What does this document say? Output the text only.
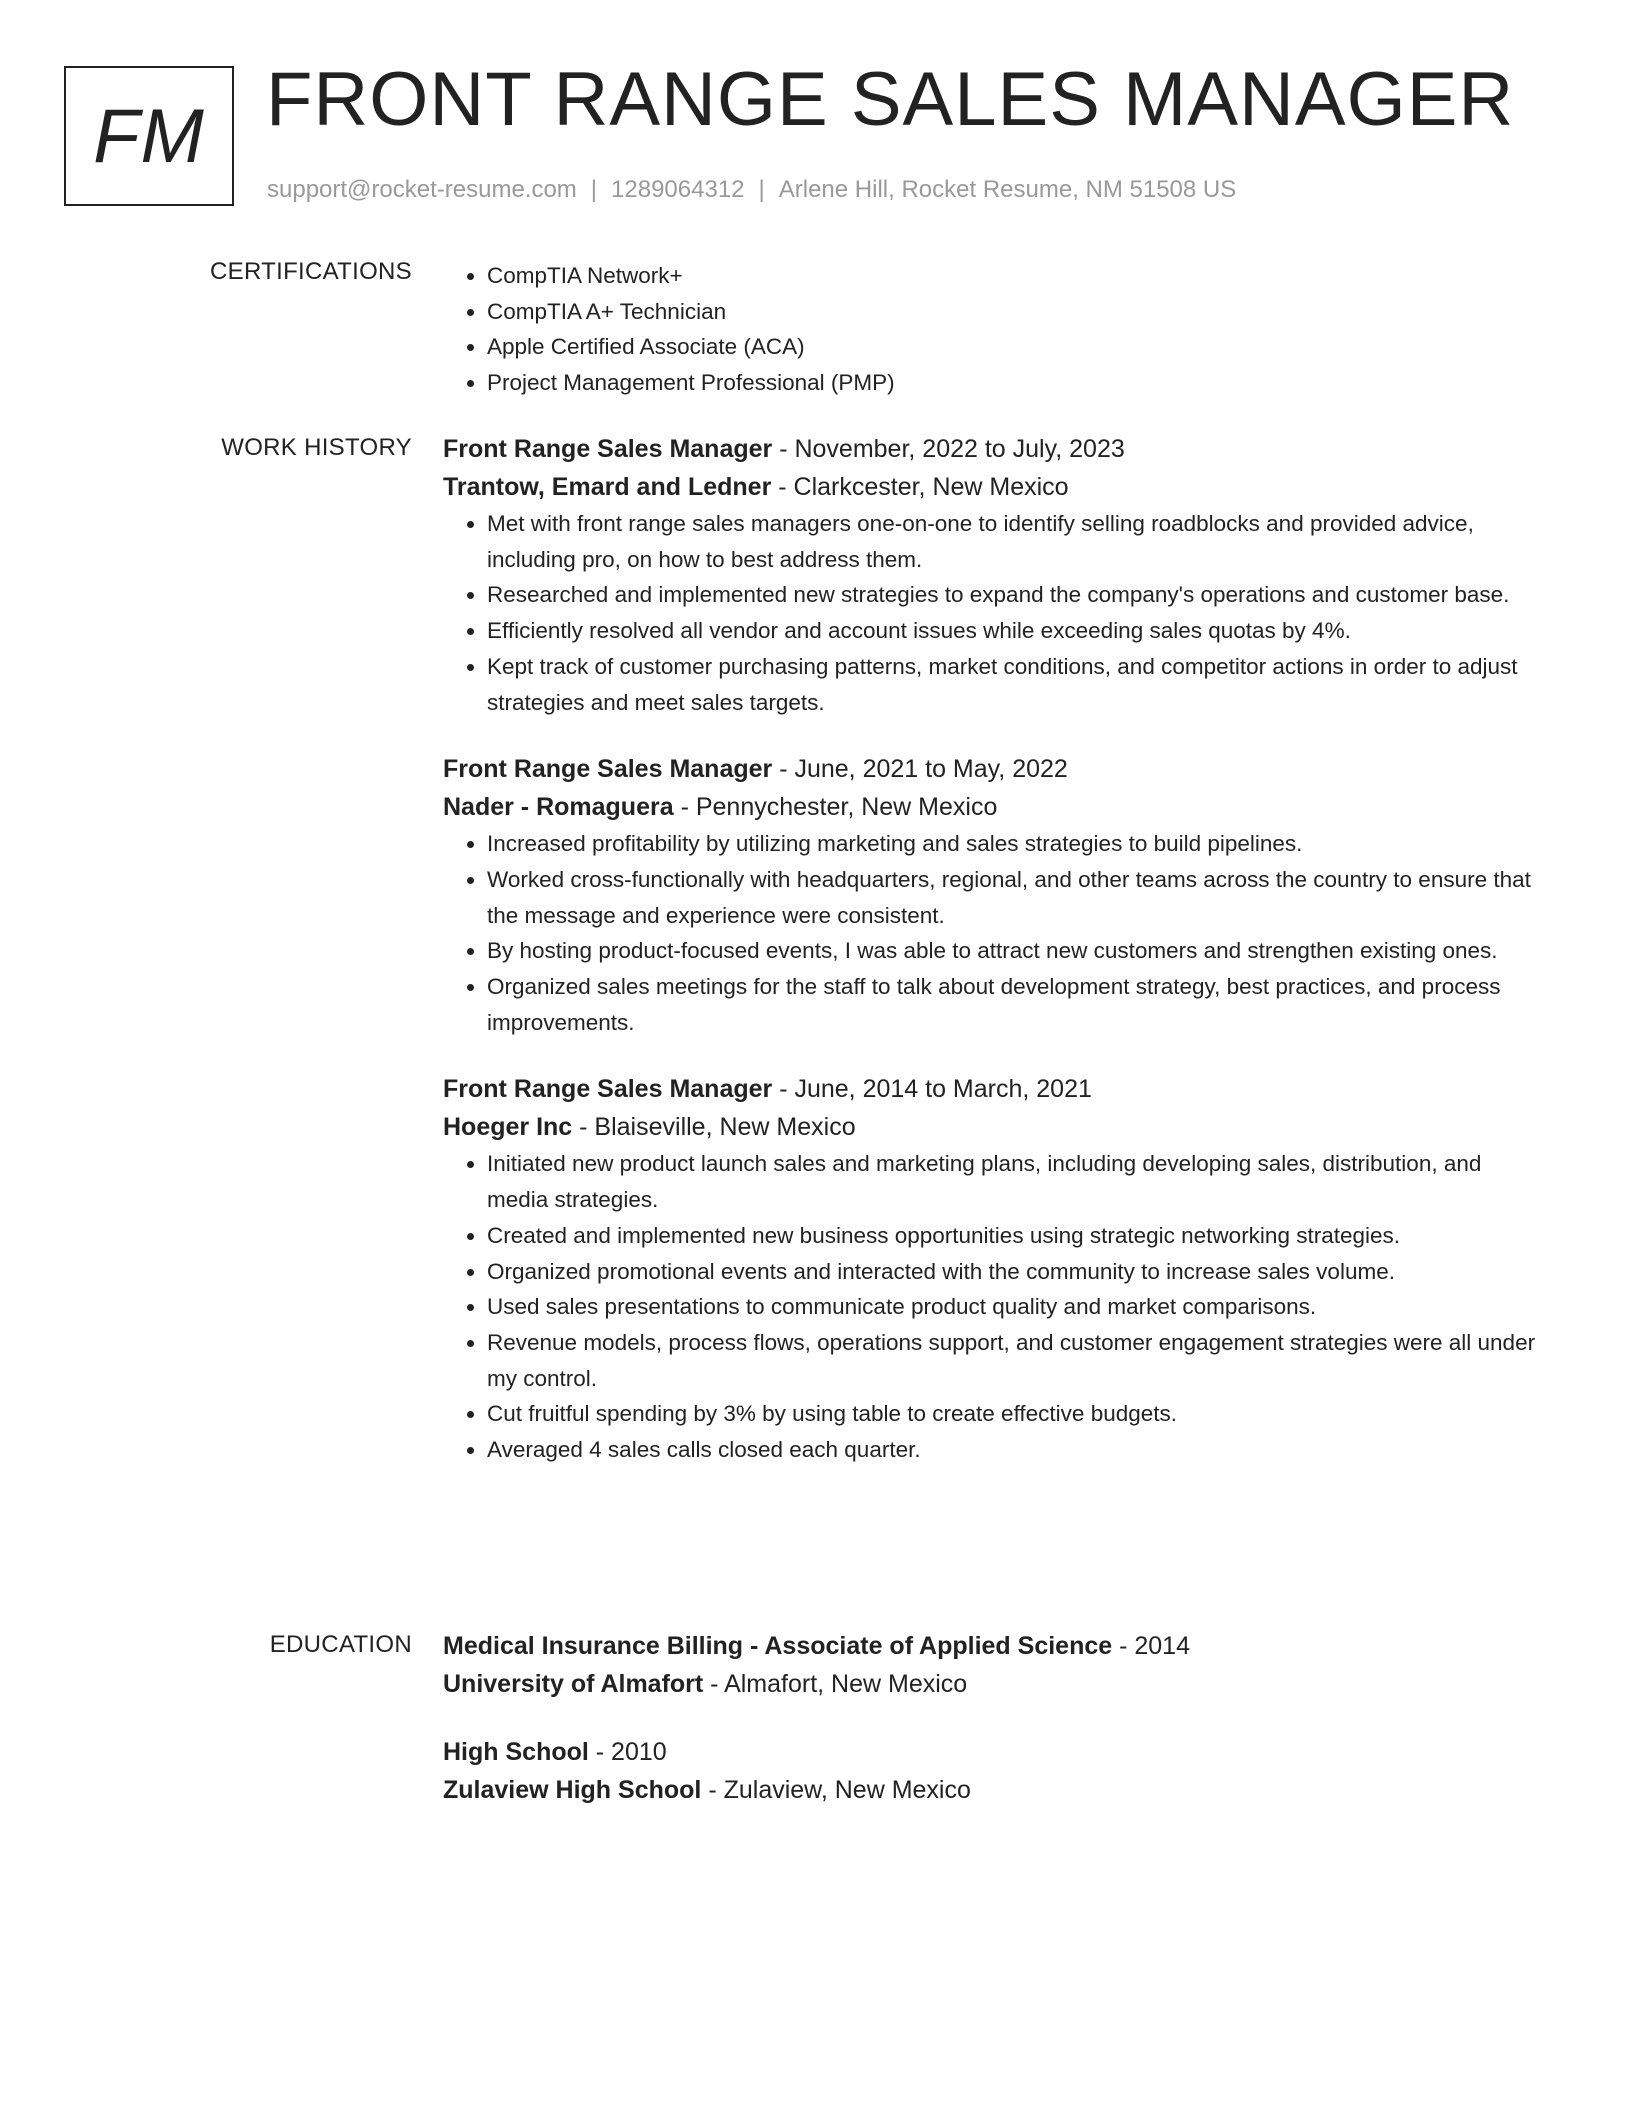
FM FRONT RANGE SALES MANAGER
support@rocket-resume.com | 1289064312 | Arlene Hill, Rocket Resume, NM 51508 US
CERTIFICATIONS
•	CompTIA Network+
• CompTIA A+ Technician
• Apple Certified Associate (ACA)
• Project Management Professional (PMP)
WORK HISTORY Front Range Sales Manager - November, 2022 to July, 2023
Trantow, Emard and Ledner - Clarkcester, New Mexico
• Met with front range sales managers one-on-one to identify selling roadblocks and provided advice, including pro, on how to best address them.
• Researched and implemented new strategies to expand the company's operations and customer base.
• Efficiently resolved all vendor and account issues while exceeding sales quotas by 4%.
• Kept track of customer purchasing patterns, market conditions, and competitor actions in order to adjust strategies and meet sales targets.
Front Range Sales Manager - June, 2021 to May, 2022
Nader - Romaguera - Pennychester, New Mexico
• Increased profitability by utilizing marketing and sales strategies to build pipelines.
• Worked cross-functionally with headquarters, regional, and other teams across the country to ensure that the message and experience were consistent.
• By hosting product-focused events, I was able to attract new customers and strengthen existing ones.
• Organized sales meetings for the staff to talk about development strategy, best practices, and process improvements.
Front Range Sales Manager - June, 2014 to March, 2021
Hoeger Inc - Blaiseville, New Mexico
• Initiated new product launch sales and marketing plans, including developing sales, distribution, and media strategies.
• Created and implemented new business opportunities using strategic networking strategies.
• Organized promotional events and interacted with the community to increase sales volume.
• Used sales presentations to communicate product quality and market comparisons.
• Revenue models, process flows, operations support, and customer engagement strategies were all under my control.
• Cut fruitful spending by 3% by using table to create effective budgets.
• Averaged 4 sales calls closed each quarter.
EDUCATION Medical Insurance Billing - Associate of Applied Science - 2014
University of Almafort - Almafort, New Mexico
High School - 2010
Zulaview High School - Zulaview, New Mexico
